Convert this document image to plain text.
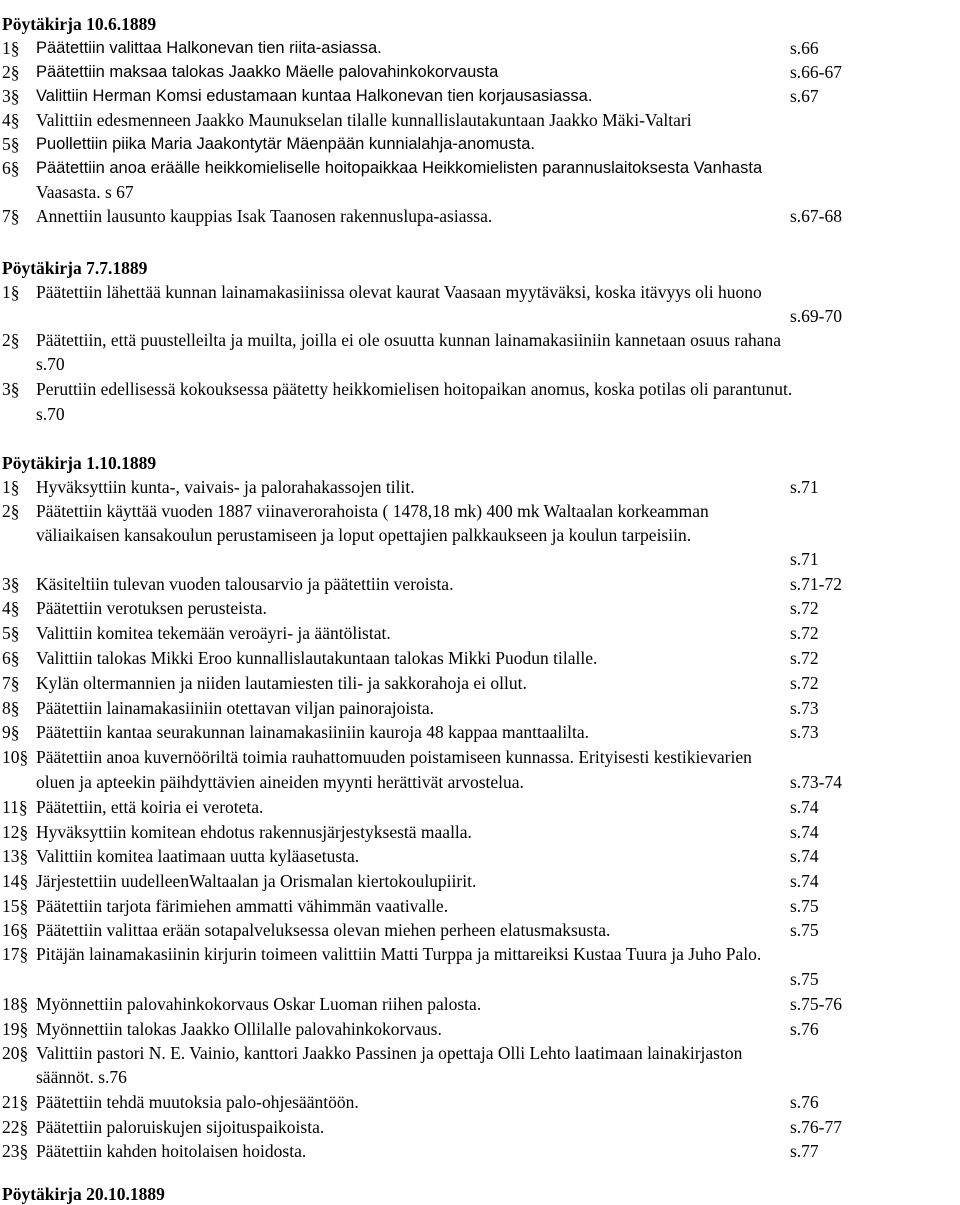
Pöytäkirja 10.6.1889
1§ Päätettiin valittaa Halkonevan tien riita-asiassa.	s.66
2§ Päätettiin maksaa talokas Jaakko Mäelle palovahinkokorvausta	s.66-67
3§ Valittiin Herman Komsi edustamaan kuntaa Halkonevan tien korjausasiassa.	s.67
4§ Valittiin edesmenneen Jaakko Maunukselan tilalle kunnallislautakuntaan Jaakko Mäki-Valtari
5§ Puollettiin piika Maria Jaakontytär Mäenpään kunnialahja-anomusta.
6§ Päätettiin anoa eräälle heikkomieliselle hoitopaikkaa Heikkomielisten parannuslaitoksesta Vanhasta
Vaasasta. s 67
7§ Annettiin lausunto kauppias Isak Taanosen rakennuslupa-asiassa.	s.67-68
Pöytäkirja 7.7.1889
1§ Päätettiin lähettää kunnan lainamakasiinissa olevat kaurat Vaasaan myytäväksi, koska itävyys oli huono
s.69-70
2§ Päätettiin, että puustelleilta ja muilta, joilla ei ole osuutta kunnan lainamakasiiniin kannetaan osuus rahana
s.70
3§ Peruttiin edellisessä kokouksessa päätetty heikkomielisen hoitopaikan anomus, koska potilas oli parantunut.
s.70
Pöytäkirja 1.10.1889
1§ Hyväksyttiin kunta-, vaivais- ja palorahakassojen tilit.	s.71
2§ Päätettiin käyttää vuoden 1887 viinaverorahoista ( 1478,18 mk) 400 mk Waltaalan korkeamman
väliaikaisen kansakoulun perustamiseen ja loput opettajien palkkaukseen ja koulun tarpeisiin.
s.71
3§ Käsiteltiin tulevan vuoden talousarvio ja päätettiin veroista.	s.71-72
4§ Päätettiin verotuksen perusteista.	s.72
5§ Valittiin komitea tekemään veroäyri- ja ääntölistat.	s.72
6§ Valittiin talokas Mikki Eroo kunnallislautakuntaan talokas Mikki Puodun tilalle.	s.72
7§ Kylän oltermannien ja niiden lautamiesten tili- ja sakkorahoja ei ollut.	s.72
8§ Päätettiin lainamakasiiniin otettavan viljan painorajoista.	s.73
9§ Päätettiin kantaa seurakunnan lainamakasiiniin kauroja 48 kappaa manttaalilta.	s.73
10§ Päätettiin anoa kuvernööriltä toimia rauhattomuuden poistamiseen kunnassa. Erityisesti kestikievarien
oluen ja apteekin päihdyttävien aineiden myynti herättivät arvostelua.	s.73-74
11§ Päätettiin, että koiria ei veroteta.	s.74
12§ Hyväksyttiin komitean ehdotus rakennusjärjestyksestä maalla.	s.74
13§ Valittiin komitea laatimaan uutta kyläasetusta.	s.74
14§ Järjestettiin uudelleenWaltaalan ja Orismalan kiertokoulupiirit.	s.74
15§ Päätettiin tarjota färimiehen ammatti vähimmän vaativalle.	s.75
16§ Päätettiin valittaa erään sotapalveluksessa olevan miehen perheen elatusmaksusta.	s.75
17§ Pitäjän lainamakasiinin kirjurin toimeen valittiin Matti Turppa ja mittareiksi Kustaa Tuura ja Juho Palo.
s.75
18§ Myönnettiin palovahinkokorvaus Oskar Luoman riihen palosta.	s.75-76
19§ Myönnettiin talokas Jaakko Ollilalle palovahinkokorvaus.	s.76
20§ Valittiin pastori N. E. Vainio, kanttori Jaakko Passinen ja opettaja Olli Lehto laatimaan lainakirjaston
säännöt. s.76
21§ Päätettiin tehdä muutoksia palo-ohjesääntöön.	s.76
22§ Päätettiin paloruiskujen sijoituspaikoista.	s.76-77
23§ Päätettiin kahden hoitolaisen hoidosta.	s.77
Pöytäkirja 20.10.1889
